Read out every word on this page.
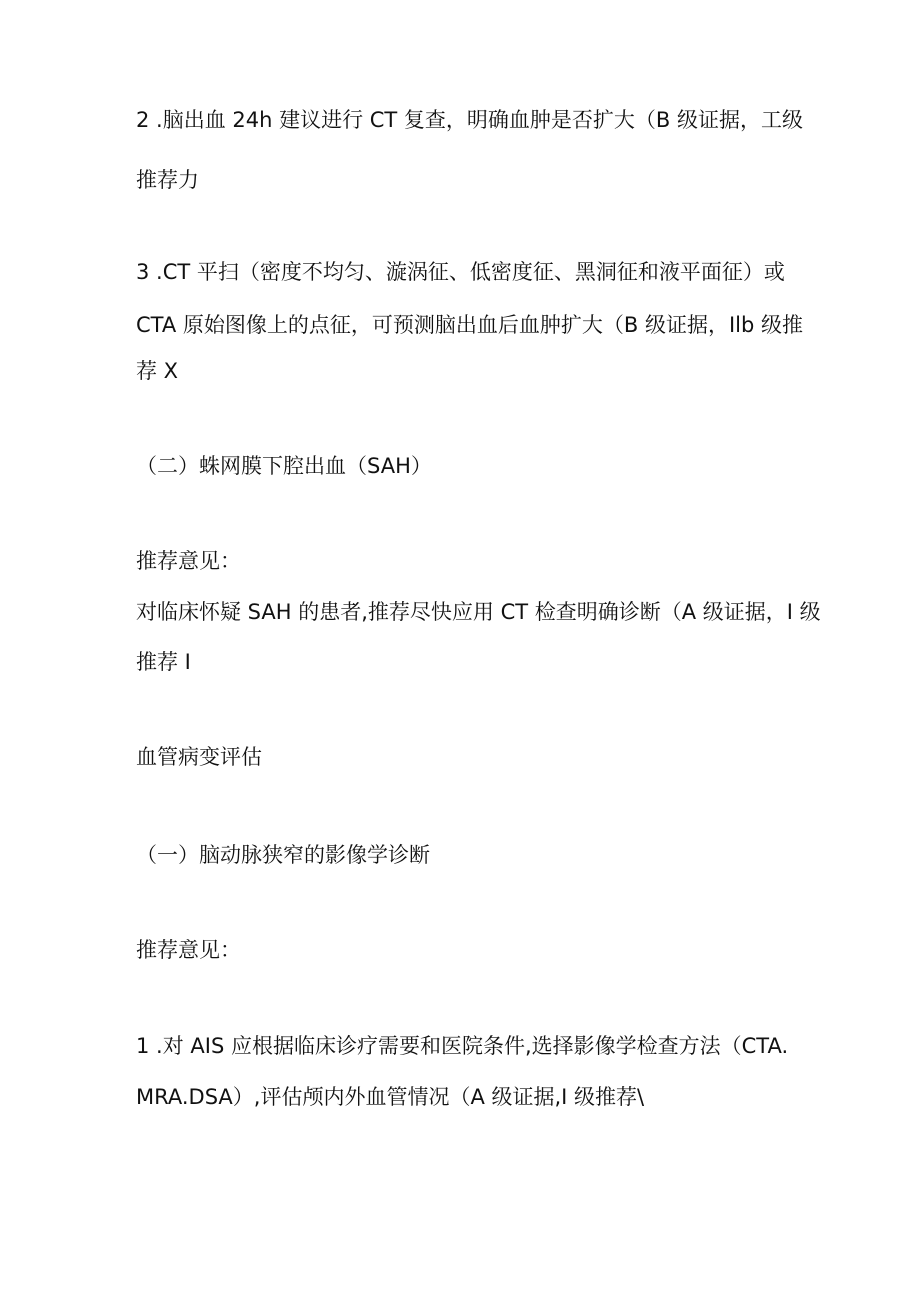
2 .脑出血 24h 建议进行 CT 复查，明确血肿是否扩大（B 级证据，工级
推荐力
3 .CT 平扫（密度不均匀、漩涡征、低密度征、黑洞征和液平面征）或
CTA 原始图像上的点征，可预测脑出血后血肿扩大（B 级证据，Ilb 级推
荐 X
（二）蛛网膜下腔出血（SAH）
推荐意见：
对临床怀疑 SAH 的患者,推荐尽快应用 CT 检查明确诊断（A 级证据，I 级
推荐 I
血管病变评估
（一）脑动脉狭窄的影像学诊断
推荐意见：
1 .对 AIS 应根据临床诊疗需要和医院条件,选择影像学检查方法（CTA.
MRA.DSA）,评估颅内外血管情况（A 级证据,I 级推荐\
